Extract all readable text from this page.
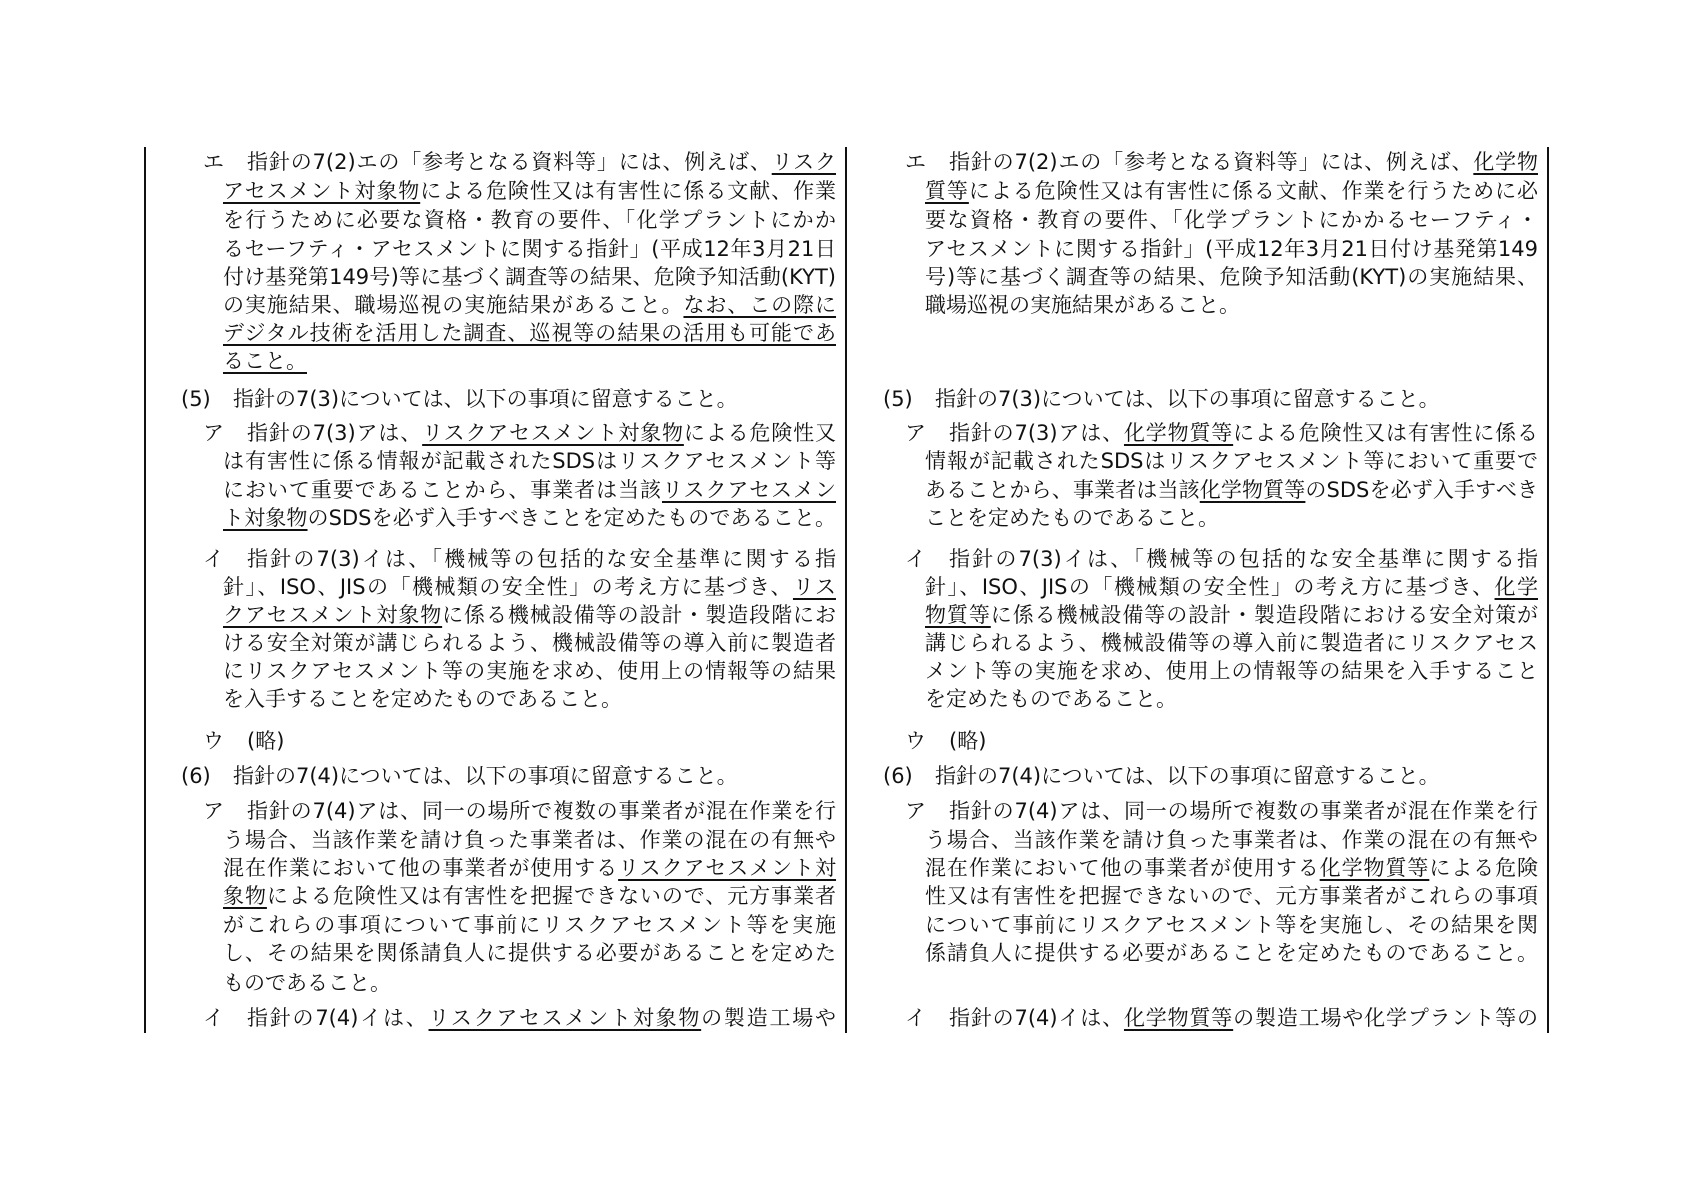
エ 指針の7(2)エの「参考となる資料等」には、例えば、リスク
アセスメント対象物による危険性又は有害性に係る文献、作業
を行うために必要な資格・教育の要件、「化学プラントにかか
るセーフティ・アセスメントに関する指針」(平成12年3月21日
付け基発第149号)等に基づく調査等の結果、危険予知活動(KYT)
の実施結果、職場巡視の実施結果があること。なお、この際に
デジタル技術を活用した調査、巡視等の結果の活用も可能であ
ること。
(5) 指針の7(3)については、以下の事項に留意すること。
ア 指針の7(3)アは、リスクアセスメント対象物による危険性又
は有害性に係る情報が記載されたSDSはリスクアセスメント等
において重要であることから、事業者は当該リスクアセスメン
ト対象物のSDSを必ず入手すべきことを定めたものであること。
イ 指針の7(3)イは、「機械等の包括的な安全基準に関する指
針」、ISO、JISの「機械類の安全性」の考え方に基づき、リス
クアセスメント対象物に係る機械設備等の設計・製造段階にお
ける安全対策が講じられるよう、機械設備等の導入前に製造者
にリスクアセスメント等の実施を求め、使用上の情報等の結果
を入手することを定めたものであること。
ウ (略)
(6) 指針の7(4)については、以下の事項に留意すること。
ア 指針の7(4)アは、同一の場所で複数の事業者が混在作業を行
う場合、当該作業を請け負った事業者は、作業の混在の有無や
混在作業において他の事業者が使用するリスクアセスメント対
象物による危険性又は有害性を把握できないので、元方事業者
がこれらの事項について事前にリスクアセスメント等を実施
し、その結果を関係請負人に提供する必要があることを定めた
ものであること。
イ 指針の7(4)イは、リスクアセスメント対象物の製造工場や
エ 指針の7(2)エの「参考となる資料等」には、例えば、化学物
質等による危険性又は有害性に係る文献、作業を行うために必
要な資格・教育の要件、「化学プラントにかかるセーフティ・
アセスメントに関する指針」(平成12年3月21日付け基発第149
号)等に基づく調査等の結果、危険予知活動(KYT)の実施結果、
職場巡視の実施結果があること。
(5) 指針の7(3)については、以下の事項に留意すること。
ア 指針の7(3)アは、化学物質等による危険性又は有害性に係る
情報が記載されたSDSはリスクアセスメント等において重要で
あることから、事業者は当該化学物質等のSDSを必ず入手すべき
ことを定めたものであること。
イ 指針の7(3)イは、「機械等の包括的な安全基準に関する指
針」、ISO、JISの「機械類の安全性」の考え方に基づき、化学
物質等に係る機械設備等の設計・製造段階における安全対策が
講じられるよう、機械設備等の導入前に製造者にリスクアセス
メント等の実施を求め、使用上の情報等の結果を入手すること
を定めたものであること。
ウ (略)
(6) 指針の7(4)については、以下の事項に留意すること。
ア 指針の7(4)アは、同一の場所で複数の事業者が混在作業を行
う場合、当該作業を請け負った事業者は、作業の混在の有無や
混在作業において他の事業者が使用する化学物質等による危険
性又は有害性を把握できないので、元方事業者がこれらの事項
について事前にリスクアセスメント等を実施し、その結果を関
係請負人に提供する必要があることを定めたものであること。
イ 指針の7(4)イは、化学物質等の製造工場や化学プラント等の
